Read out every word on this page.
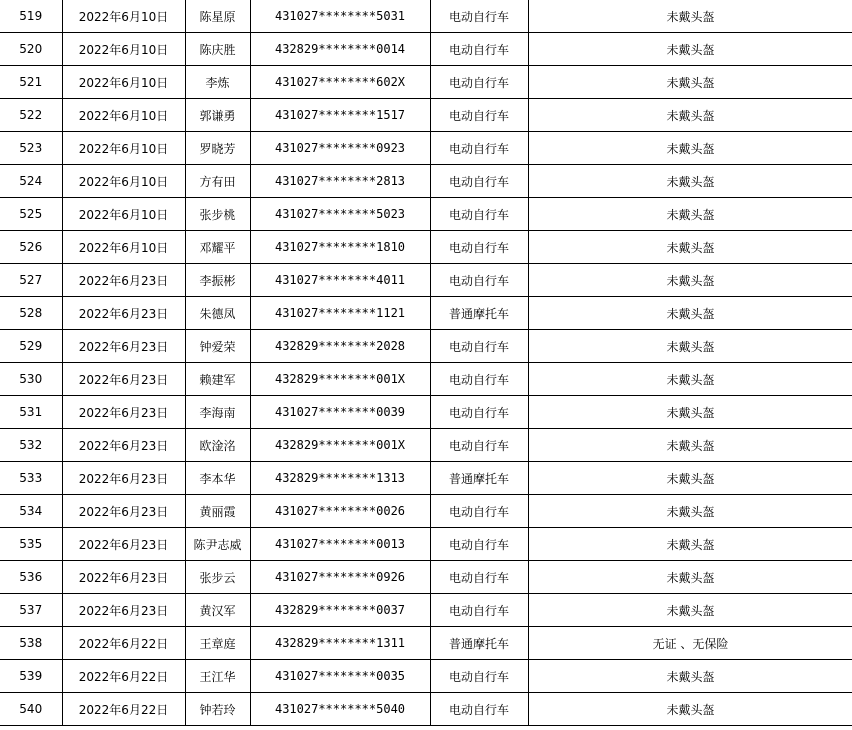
519	2022年6月10日	陈星原	431027********5031	电动自行车	未戴头盔
520	2022年6月10日	陈庆胜	432829********0014	电动自行车	未戴头盔
521	2022年6月10日	李炼	431027********602X	电动自行车	未戴头盔
522	2022年6月10日	郭谦勇	431027********1517	电动自行车	未戴头盔
523	2022年6月10日	罗晓芳	431027********0923	电动自行车	未戴头盔
524	2022年6月10日	方有田	431027********2813	电动自行车	未戴头盔
525	2022年6月10日	张步桃	431027********5023	电动自行车	未戴头盔
526	2022年6月10日	邓耀平	431027********1810	电动自行车	未戴头盔
527	2022年6月23日	李振彬	431027********4011	电动自行车	未戴头盔
528	2022年6月23日	朱德凤	431027********1121	普通摩托车	未戴头盔
529	2022年6月23日	钟爱荣	432829********2028	电动自行车	未戴头盔
530	2022年6月23日	赖建军	432829********001X	电动自行车	未戴头盔
531	2022年6月23日	李海南	431027********0039	电动自行车	未戴头盔
532	2022年6月23日	欧淦洺	432829********001X	电动自行车	未戴头盔
533	2022年6月23日	李本华	432829********1313	普通摩托车	未戴头盔
534	2022年6月23日	黄丽霞	431027********0026	电动自行车	未戴头盔
535	2022年6月23日	陈尹志威	431027********0013	电动自行车	未戴头盔
536	2022年6月23日	张步云	431027********0926	电动自行车	未戴头盔
537	2022年6月23日	黄汉军	432829********0037	电动自行车	未戴头盔
538	2022年6月22日	王章庭	432829********1311	普通摩托车	无证 、无保险
539	2022年6月22日	王江华	431027********0035	电动自行车	未戴头盔
540	2022年6月22日	钟若玲	431027********5040	电动自行车	未戴头盔
